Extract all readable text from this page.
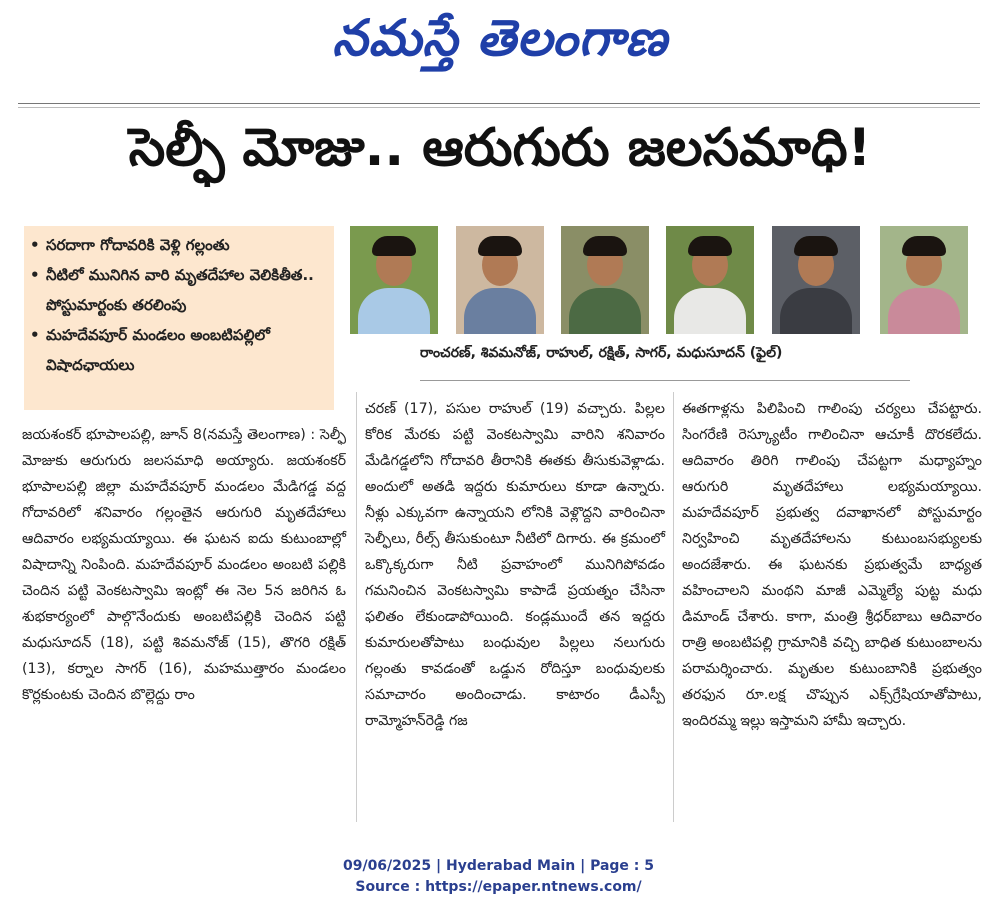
నమస్తే తెలంగాణ
సెల్ఫీ మోజు.. ఆరుగురు జలసమాధి!
• సరదాగా గోదావరికి వెళ్లి గల్లంతు
• నీటిలో మునిగిన వారి మృతదేహాల వెలికితీత.. పోస్టుమార్టంకు తరలింపు
• మహదేవపూర్ మండలం అంబటిపల్లిలో విషాదఛాయలు
రాంచరణ్, శివమనోజ్, రాహుల్, రక్షిత్, సాగర్, మధుసూదన్ (ఫైల్)
జయశంకర్ భూపాలపల్లి, జూన్ 8(నమస్తే తెలంగాణ) : సెల్ఫీ మోజుకు ఆరుగురు జలసమాధి అయ్యారు. జయశంకర్ భూపాలపల్లి జిల్లా మహదేవపూర్ మండలం మేడిగడ్డ వద్ద గోదావరిలో శనివారం గల్లంతైన ఆరుగురి మృతదేహాలు ఆదివారం లభ్యమయ్యాయి. ఈ ఘటన ఐదు కుటుంబాల్లో విషాదాన్ని నింపింది. మహదేవపూర్ మండలం అంబటి పల్లికి చెందిన పట్టి వెంకటస్వామి ఇంట్లో ఈ నెల 5న జరిగిన ఓ శుభకార్యంలో పాల్గొనేందుకు అంబటిపల్లికి చెందిన పట్టి మధుసూదన్ (18), పట్టి శివమనోజ్ (15), తొగరి రక్షిత్ (13), కర్నాల సాగర్ (16), మహముత్తారం మండలం కొర్లకుంటకు చెందిన బొల్లెద్దు రాం
చరణ్ (17), పసుల రాహుల్ (19) వచ్చారు. పిల్లల కోరిక మేరకు పట్టి వెంకటస్వామి వారిని శనివారం మేడిగడ్డలోని గోదావరి తీరానికి ఈతకు తీసుకువెళ్లాడు. అందులో అతడి ఇద్దరు కుమారులు కూడా ఉన్నారు. నీళ్లు ఎక్కువగా ఉన్నాయని లోనికి వెళ్లొద్దని వారించినా సెల్ఫీలు, రీల్స్ తీసుకుంటూ నీటిలో దిగారు. ఈ క్రమంలో ఒక్కొక్కరుగా నీటి ప్రవాహంలో మునిగిపోవడం గమనించిన వెంకటస్వామి కాపాడే ప్రయత్నం చేసినా ఫలితం లేకుండాపోయింది. కండ్లముందే తన ఇద్దరు కుమారులతోపాటు బంధువుల పిల్లలు నలుగురు గల్లంతు కావడంతో ఒడ్డున రోదిస్తూ బంధువులకు సమాచారం అందించాడు. కాటారం డీఎస్పీ రామ్మోహన్‌రెడ్డి గజ
ఈతగాళ్లను పిలిపించి గాలింపు చర్యలు చేపట్టారు. సింగరేణి రెస్క్యూటీం గాలించినా ఆచూకీ దొరకలేదు. ఆదివారం తిరిగి గాలింపు చేపట్టగా మధ్యాహ్నం ఆరుగురి మృతదేహాలు లభ్యమయ్యాయి. మహదేవపూర్ ప్రభుత్వ దవాఖానలో పోస్టుమార్టం నిర్వహించి మృతదేహాలను కుటుంబసభ్యులకు అందజేశారు. ఈ ఘటనకు ప్రభుత్వమే బాధ్యత వహించాలని మంథని మాజీ ఎమ్మెల్యే పుట్ట మధు డిమాండ్ చేశారు. కాగా, మంత్రి శ్రీధర్‌బాబు ఆదివారం రాత్రి అంబటిపల్లి గ్రామానికి వచ్చి బాధిత కుటుంబాలను పరామర్శించారు. మృతుల కుటుంబానికి ప్రభుత్వం తరఫున రూ.లక్ష చొప్పున ఎక్స్‌గ్రేషియాతోపాటు, ఇందిరమ్మ ఇల్లు ఇస్తామని హామీ ఇచ్చారు.
09/06/2025 | Hyderabad Main | Page : 5
Source : https://epaper.ntnews.com/
